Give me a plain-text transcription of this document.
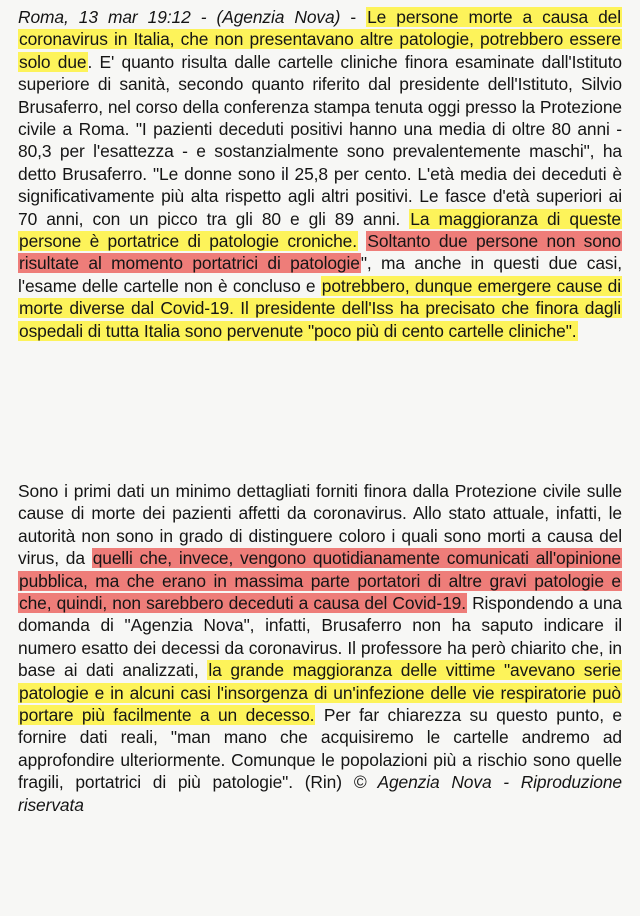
Roma, 13 mar 19:12 - (Agenzia Nova) - Le persone morte a causa del coronavirus in Italia, che non presentavano altre patologie, potrebbero essere solo due. E' quanto risulta dalle cartelle cliniche finora esaminate dall'Istituto superiore di sanità, secondo quanto riferito dal presidente dell'Istituto, Silvio Brusaferro, nel corso della conferenza stampa tenuta oggi presso la Protezione civile a Roma. "I pazienti deceduti positivi hanno una media di oltre 80 anni - 80,3 per l'esattezza - e sostanzialmente sono prevalentemente maschi", ha detto Brusaferro. "Le donne sono il 25,8 per cento. L'età media dei deceduti è significativamente più alta rispetto agli altri positivi. Le fasce d'età superiori ai 70 anni, con un picco tra gli 80 e gli 89 anni. La maggioranza di queste persone è portatrice di patologie croniche. Soltanto due persone non sono risultate al momento portatrici di patologie", ma anche in questi due casi, l'esame delle cartelle non è concluso e potrebbero, dunque emergere cause di morte diverse dal Covid-19. Il presidente dell'Iss ha precisato che finora dagli ospedali di tutta Italia sono pervenute "poco più di cento cartelle cliniche".

Sono i primi dati un minimo dettagliati forniti finora dalla Protezione civile sulle cause di morte dei pazienti affetti da coronavirus. Allo stato attuale, infatti, le autorità non sono in grado di distinguere coloro i quali sono morti a causa del virus, da quelli che, invece, vengono quotidianamente comunicati all'opinione pubblica, ma che erano in massima parte portatori di altre gravi patologie e che, quindi, non sarebbero deceduti a causa del Covid-19. Rispondendo a una domanda di "Agenzia Nova", infatti, Brusaferro non ha saputo indicare il numero esatto dei decessi da coronavirus. Il professore ha però chiarito che, in base ai dati analizzati, la grande maggioranza delle vittime "avevano serie patologie e in alcuni casi l'insorgenza di un'infezione delle vie respiratorie può portare più facilmente a un decesso. Per far chiarezza su questo punto, e fornire dati reali, "man mano che acquisiremo le cartelle andremo ad approfondire ulteriormente. Comunque le popolazioni più a rischio sono quelle fragili, portatrici di più patologie". (Rin) © Agenzia Nova - Riproduzione riservata
